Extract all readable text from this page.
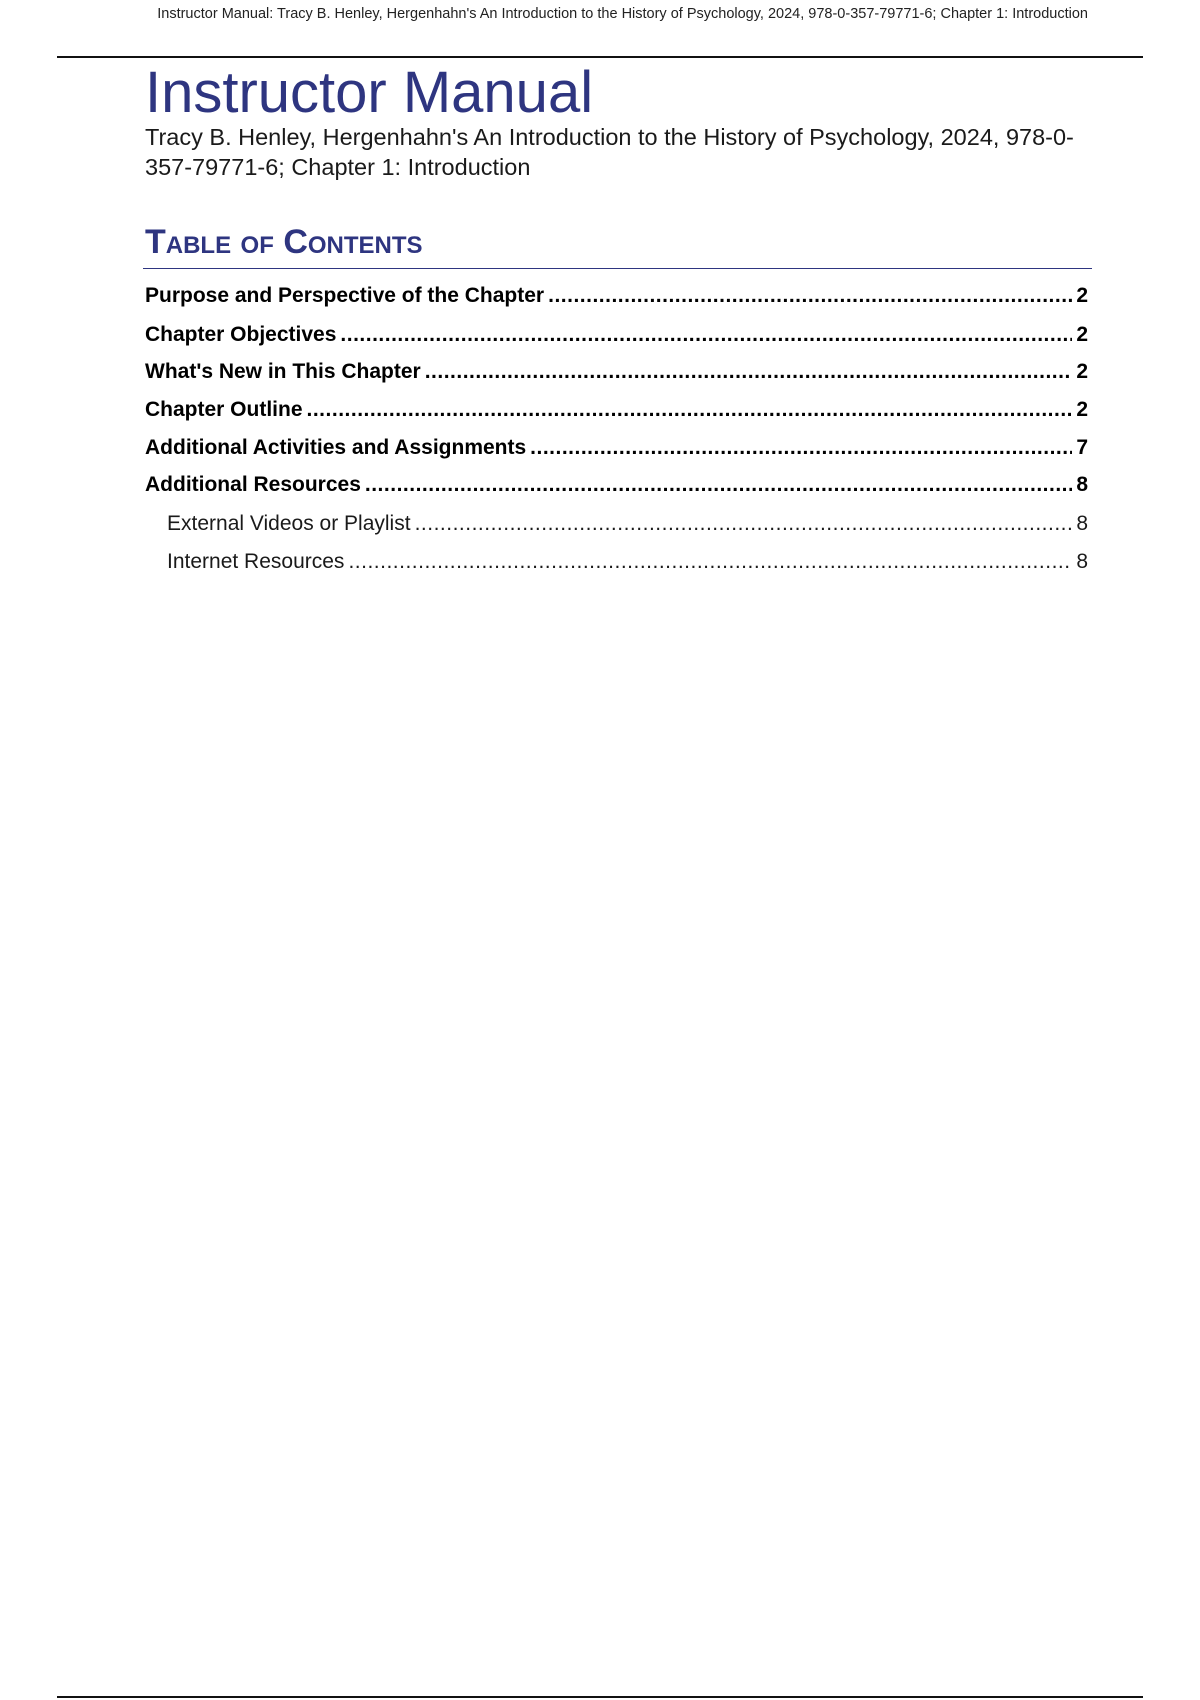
Instructor Manual: Tracy B. Henley, Hergenhahn's An Introduction to the History of Psychology, 2024, 978-0-357-79771-6; Chapter 1: Introduction
Instructor Manual

Tracy B. Henley, Hergenhahn's An Introduction to the History of Psychology, 2024, 978-0-357-79771-6; Chapter 1: Introduction

Table of Contents
Purpose and Perspective of the Chapter .....	2
Chapter Objectives .....	2
What's New in This Chapter .....	2
Chapter Outline .....	2
Additional Activities and Assignments .....	7
Additional Resources .....	8
External Videos or Playlist .....	8
Internet Resources .....	8
